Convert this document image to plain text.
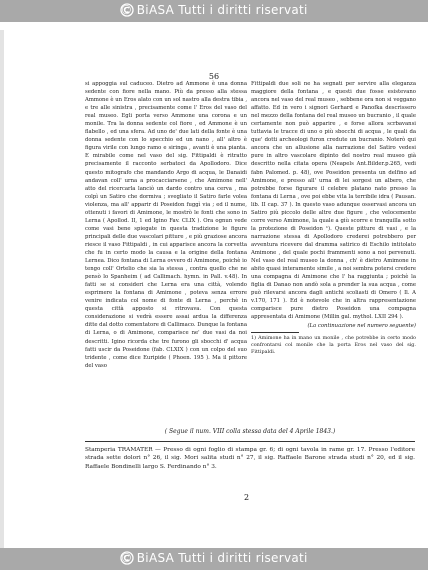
© BiASA Tutti i diritti riservati
56
si appoggia sul caduceo. Dietro ad Ammone è una donna sedente con fiore nella mano. Più da presso alla stessa Ammone è un Eros alato con un sol nastro alla destra tibia , e tre alle sinistra , precisamente come l' Eros del vaso del real museo. Egli porta verso Ammone una corona e un monile. Tra la donna sedente col fiore , ed Ammone è un flabello , ed una sfera. Ad uno de' due lati della fonte è una donna sedente con lo specchio ed un nano , all' altro è figura virile con lungo ramo e siringa , avanti è una pianta. E mirabile come nel vaso del sig. Fittipaldi è ritratto precisamente il racconto serbatoci da Apollodoro. Dice questo mitografo che mandando Argo di acqua, le Danaidi andavan coll' urna a procacciarsene , che Amimone nell' atto del ricercarla lanciò un dardo contro una cerva , ma colpì un Satiro che dormiva ; svegliato il Satiro farle volea violenza, ma all' apparir di Poseidon fuggì via ; ed il nume, ottenuti i favori di Amimone, le mostrò le fonti che sono in Lerna ( Apollod. II, 1 ed Igino Fav. CLIX ). Ora ognun vede come vasi bene spiegate in questa tradizione le figure principali delle due vascolari pitture , e più graziose ancora riesce il vaso Fittipaldi , in cui apparisce ancora la corvetta che fu in certo modo la causa e la origine della fontana Lernea. Dico fontana di Lerna ovvero di Amimone, poichè io tengo coll' Ortelio che sia la stessa , contra quello che ne pensò lo Spanheim ( ad Callimach. hymn. in Pall. v.48). In fatti se si consideri che Lerna era una città, volendo esprimere la fontana di Amimone , poteva senza errore venire indicata col nome di fonte di Lerna , perchè in questa città apposto si ritrovava. Con questa considerazione si vedrà essere assai ardua la differenza ditte dal dotto comentatore di Callimaco. Dunque la fontana di Lerna, o di Amimone, comparisce ne' due vasi da noi descritti. Igino ricorda che tre furono gli sbocchi d' acqua fatti uscir da Poseidone (fab. CLXIX ) con un colpo del suo tridente , come dice Euripide ( Phoen. 195 ). Ma il pittore del vaso
Fittipaldi due soli ne ha segnati per servire alla eleganza maggiore della fontana , e questi due fosse esistevano ancora nel vaso del real museo , sebbene ora non si veggano affatto. Ed in vero i signori Gerhard e Panofka descrissero nel mezzo della fontana del real museo un bucranio , il quale certamente non può apparire , e forse allora scrbavansi tuttavia le tracce di uno o più sbocchi di acqua , le quali da que' dotti archeologi furon credute un bucranio. Noterò qui ancora che un allusione alla narrazione del Satiro vedesi pure in altro vascolare dipinto del nostro real museo già descritto nella citata opera (Neapels Ant.Bilder.p.265, vedi fabn Palomed. p. 48), ove Poseidon presenta un delfino ad Amimone, e presso all' urna di lei sorgesi un albero, che potrebbe forse figurare il celebre platano nato presso la fontana di Lerna , ove poi ebbe vita la terribile idra ( Pausan. lib. II cap. 37 ). In questo vaso adunque osservasi ancora un Satiro più piccolo delle altre due figure , che velocemente corre verso Amimone, la quale a giù scorre e tranquilla sotto la protezione di Poseidon ¹). Queste pitture di vasi , e la narrazione stessa di Apollodoro crederei potrebbero per avventura ricevere dal dramma satirico di Eschilo intitolato Amimone , del quale pochi frammenti sono a noi pervenuti. Nel vaso del real museo la donna , ch' è dietro Amimone in abito quasi interamente simile , a noi sembra potersi credere una compagna di Amimone che l' ha raggiunta ; poichè la figlia di Danao non andò sola a prender la sua acqua , come può rilevarsi ancora dagli antichi scoliasti di Omero ( Il. A v.170, 171 ). Ed è notevole che in altra rappresentazione comparisce pure dietro Poseidon una compagna appresentata di Amimone (Millin gal. mythol. LXII 294 ).
(La continuazione nel numero seguente)
1) Amimone ha in mano un monile , che potrebbe in certo modo confrontarsi col monile che la porta Eros nel vaso del sig. Fittipaldi.
( Segue il num. VIII colla stessa data del 4 Aprile 1843.)
Stamperia TRAMATER — Presso di ogni foglio di stampa gr. 6; di ogni tavola in rame gr. 17. Presso l'editore strada sette dolori n° 26, il sig. Mori salita studi n° 27, il sig. Raffaele Barone strada studi n° 20, ed il sig. Raffaele Bondinelli largo S. Ferdinando n° 3.
2
© BiASA Tutti i diritti riservati
